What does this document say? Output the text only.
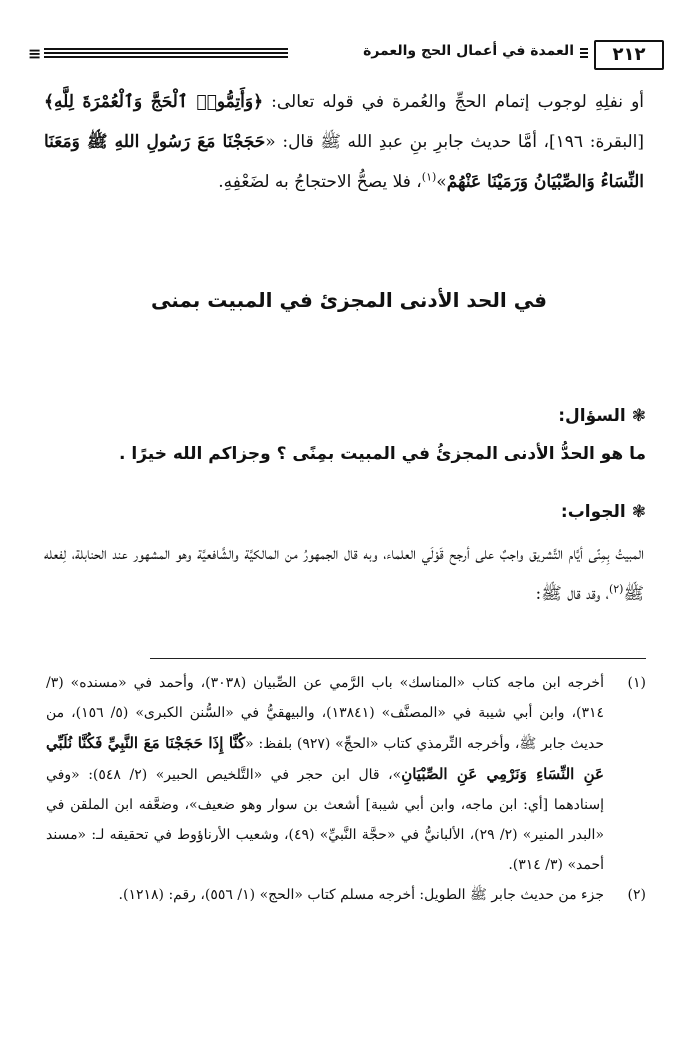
٢١٢
العمدة في أعمال الحج والعمرة
≡
أو نفلِهِ لوجوب إتمام الحجِّ والعُمرة في قوله تعالى: ﴿وَأَتِمُّوا۟ ٱلْحَجَّ وَٱلْعُمْرَةَ لِلَّهِ﴾ [البقرة: ١٩٦]، أمَّا حديث جابرِ بنِ عبدِ الله ﷺ قال: «حَجَجْنَا مَعَ رَسُولِ اللهِ ﷺ وَمَعَنَا النِّسَاءُ وَالصِّبْيَانُ وَرَمَيْنَا عَنْهُمْ»$^{(١)}$، فلا يصحُّ الاحتجاجُ به لضَعْفِهِ.
في الحد الأدنى المجزئ في المبيت بمنى
❃السؤال:
ما هو الحدُّ الأدنى المجزئُ في المبيت بمِنًى ؟ وجزاكم الله خيرًا .
❃الجواب:
المبيتُ بِمِنًى أيَّام التَّشريق واجبٌ على أرجح قَوْلَي العلماء، وبه قال الجمهورُ من المالكيَّة والشَّافعيَّة وهو المشهور عند الحنابلة، لِفعله ﷺ$^{(٢)}$، وقد قال ﷺ:
(١)
أخرجه ابن ماجه كتاب «المناسك» باب الرَّمي عن الصِّبيان (٣٠٣٨)، وأحمد في «مسنده» (٣/ ٣١٤)، وابن أبي شيبة في «المصنَّف» (١٣٨٤١)، والبيهقيُّ في «السُّنن الكبرى» (٥/ ١٥٦)، من حديث جابر ﷺ، وأخرجه التِّرمذي كتاب «الحجِّ» (٩٢٧) بلفظ: «كُنَّا إِذَا حَجَجْنَا مَعَ النَّبِيِّ فَكُنَّا نُلَبِّي عَنِ النِّسَاءِ وَنَرْمِي عَنِ الصِّبْيَانِ»، قال ابن حجر في «التَّلخيص الحبير» (٢/ ٥٤٨): «وفي إسنادهما [أي: ابن ماجه، وابن أبي شيبة] أشعث بن سوار وهو ضعيف»، وضعَّفه ابن الملقن في «البدر المنير» (٢/ ٢٩)، الألبانيُّ في «حجَّة النَّبيِّ» (٤٩)، وشعيب الأرناؤوط في تحقيقه لـ: «مسند أحمد» (٣/ ٣١٤).
(٢)
جزء من حديث جابر ﷺ الطويل: أخرجه مسلم كتاب «الحج» (١/ ٥٥٦)، رقم: (١٢١٨).
